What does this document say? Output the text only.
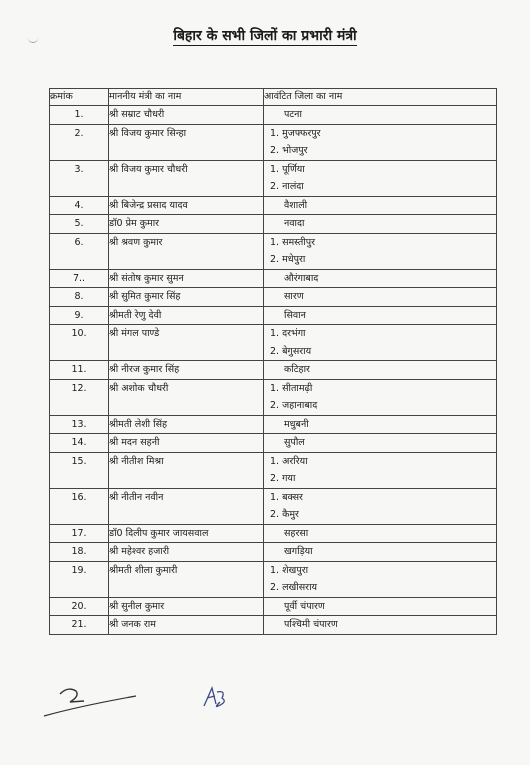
बिहार के सभी जिलों का प्रभारी मंत्री
क्रमांक	माननीय मंत्री का नाम	आवंटित जिला का नाम

1.	श्री सम्राट चौधरी	पटना

2.	श्री विजय कुमार सिन्हा	1. मुजफ्फरपुर
2. भोजपुर

3.	श्री विजय कुमार चौधरी	1. पूर्णिया
2. नालंदा

4.	श्री बिजेन्द्र प्रसाद यादव	वैशाली

5.	डॉ0 प्रेम कुमार	नवादा

6.	श्री श्रवण कुमार	1. समस्तीपुर
2. मधेपुरा

7..	श्री संतोष कुमार सुमन	औरंगाबाद

8.	श्री सुमित कुमार सिंह	सारण

9.	श्रीमती रेणु देवी	सिवान

10.	श्री मंगल पाण्डे	1. दरभंगा
2. बेगुसराय

11.	श्री नीरज कुमार सिंह	कटिहार

12.	श्री अशोक चौधरी	1. सीतामढ़ी
2. जहानाबाद

13.	श्रीमती लेशी सिंह	मधुबनी

14.	श्री मदन सहनी	सुपौल

15.	श्री नीतीश मिश्रा	1. अररिया
2. गया

16.	श्री नीतीन नवीन	1. बक्सर
2. कैमुर

17.	डॉ0 दिलीप कुमार जायसवाल	सहरसा

18.	श्री महेश्वर हजारी	खगड़िया

19.	श्रीमती शीला कुमारी	1. शेखपुरा
2. लखीसराय

20.	श्री सुनील कुमार	पूर्वी चंपारण

21.	श्री जनक राम	पश्चिमी चंपारण
